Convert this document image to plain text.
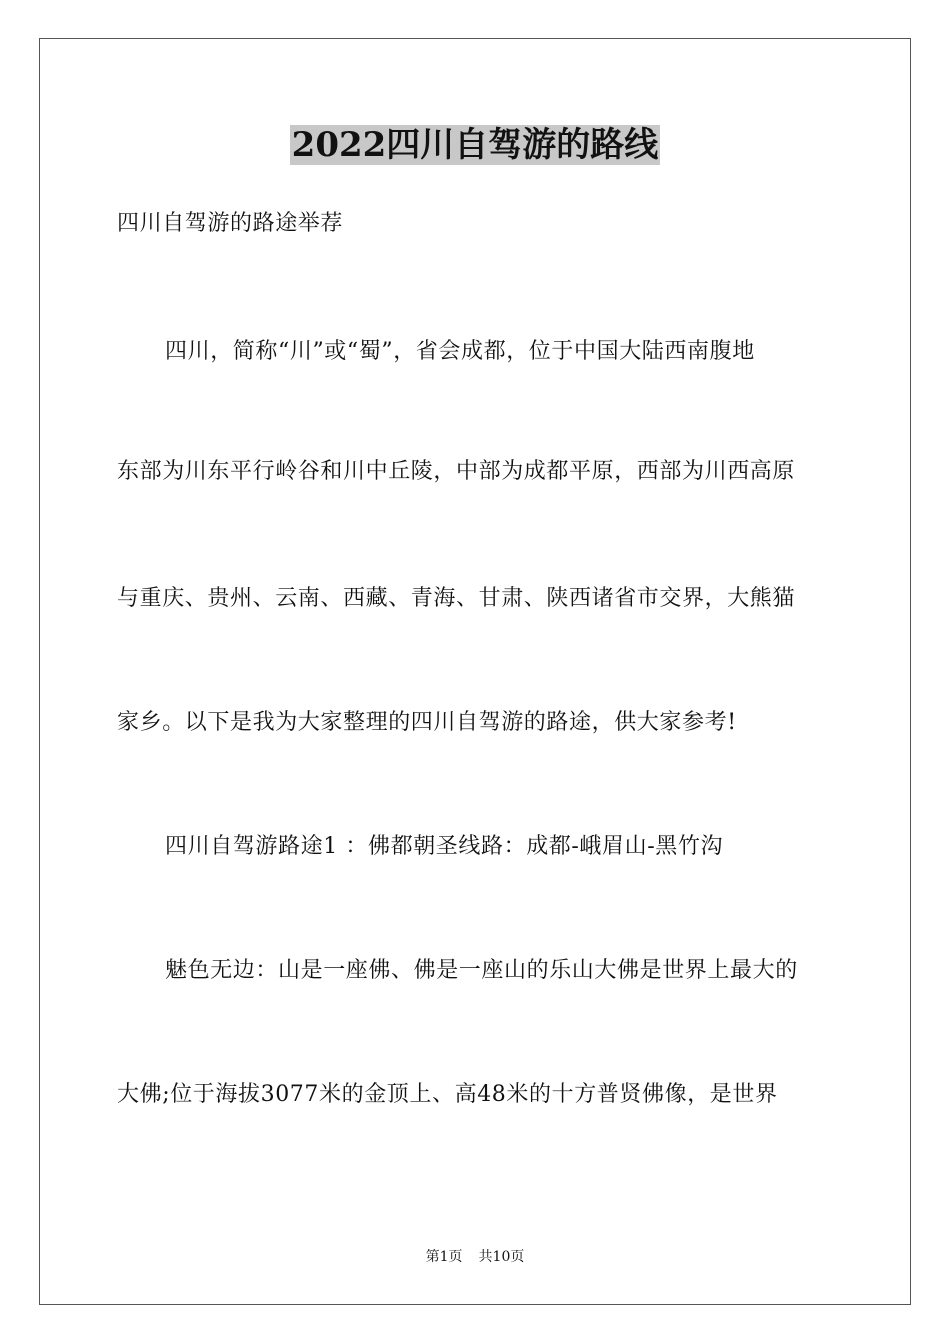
2022四川自驾游的路线
四川自驾游的路途举荐
四川，简称“川”或“蜀”，省会成都，位于中国大陆西南腹地
东部为川东平行岭谷和川中丘陵，中部为成都平原，西部为川西高原
与重庆、贵州、云南、西藏、青海、甘肃、陕西诸省市交界，大熊猫
家乡。以下是我为大家整理的四川自驾游的路途，供大家参考!
四川自驾游路途1 ：佛都朝圣线路：成都-峨眉山-黑竹沟
魅色无边：山是一座佛、佛是一座山的乐山大佛是世界上最大的
大佛;位于海拔3077米的金顶上、高48米的十方普贤佛像，是世界
第1页 共10页
